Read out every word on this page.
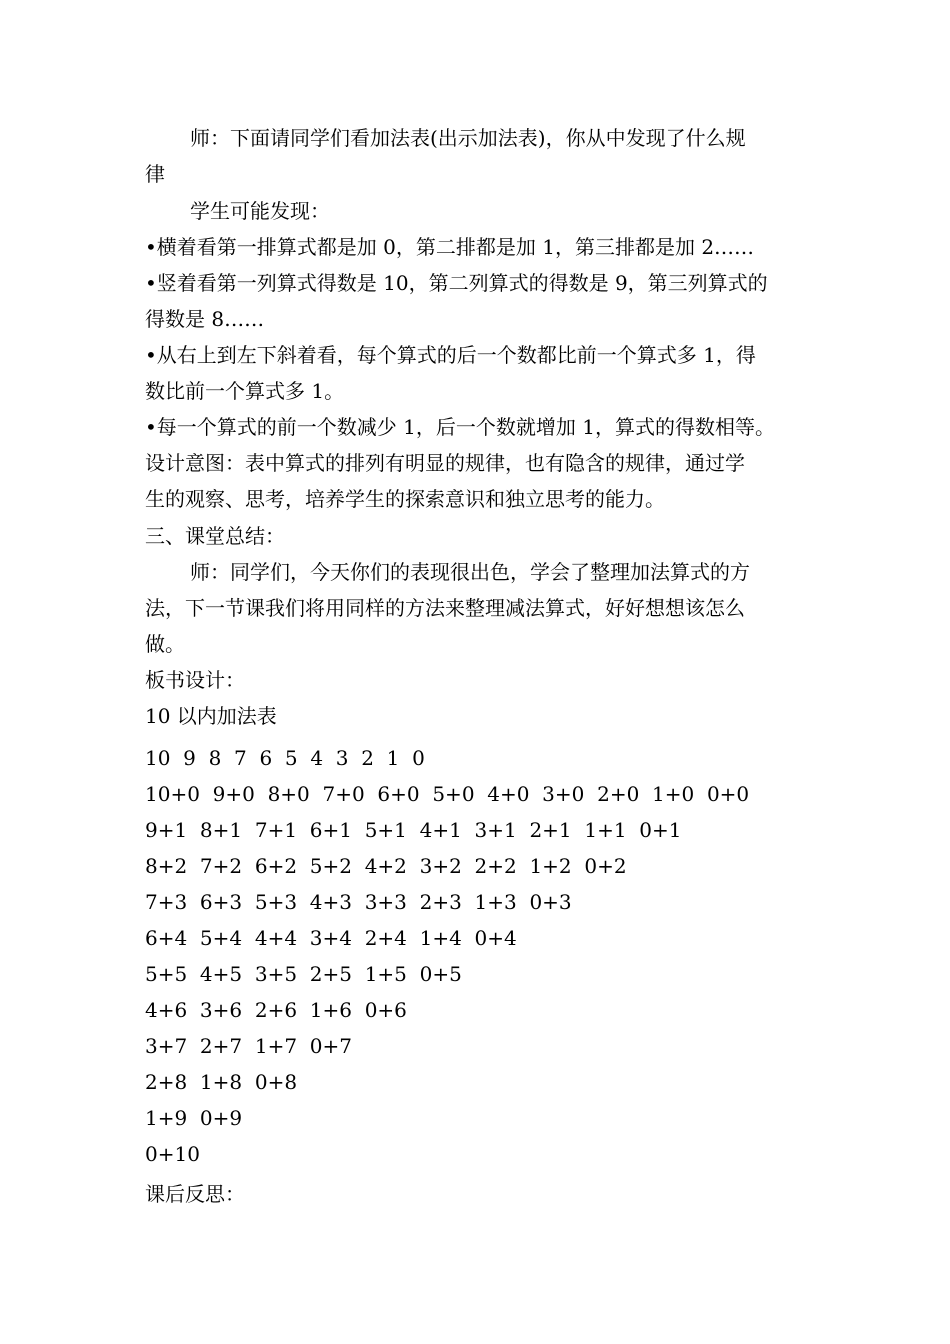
师：下面请同学们看加法表(出示加法表)，你从中发现了什么规
律
学生可能发现：
•横着看第一排算式都是加 0，第二排都是加 1，第三排都是加 2……
•竖着看第一列算式得数是 10，第二列算式的得数是 9，第三列算式的
得数是 8……
•从右上到左下斜着看，每个算式的后一个数都比前一个算式多 1，得
数比前一个算式多 1。
•每一个算式的前一个数减少 1，后一个数就增加 1，算式的得数相等。
设计意图：表中算式的排列有明显的规律，也有隐含的规律，通过学
生的观察、思考，培养学生的探索意识和独立思考的能力。
三、课堂总结：
师：同学们，今天你们的表现很出色，学会了整理加法算式的方
法，下一节课我们将用同样的方法来整理减法算式，好好想想该怎么
做。
板书设计：
10 以内加法表
10  9  8  7  6  5  4  3  2  1  0
10+0  9+0  8+0  7+0  6+0  5+0  4+0  3+0  2+0  1+0  0+0
9+1  8+1  7+1  6+1  5+1  4+1  3+1  2+1  1+1  0+1
8+2  7+2  6+2  5+2  4+2  3+2  2+2  1+2  0+2
7+3  6+3  5+3  4+3  3+3  2+3  1+3  0+3
6+4  5+4  4+4  3+4  2+4  1+4  0+4
5+5  4+5  3+5  2+5  1+5  0+5
4+6  3+6  2+6  1+6  0+6
3+7  2+7  1+7  0+7
2+8  1+8  0+8
1+9  0+9
0+10
课后反思：
